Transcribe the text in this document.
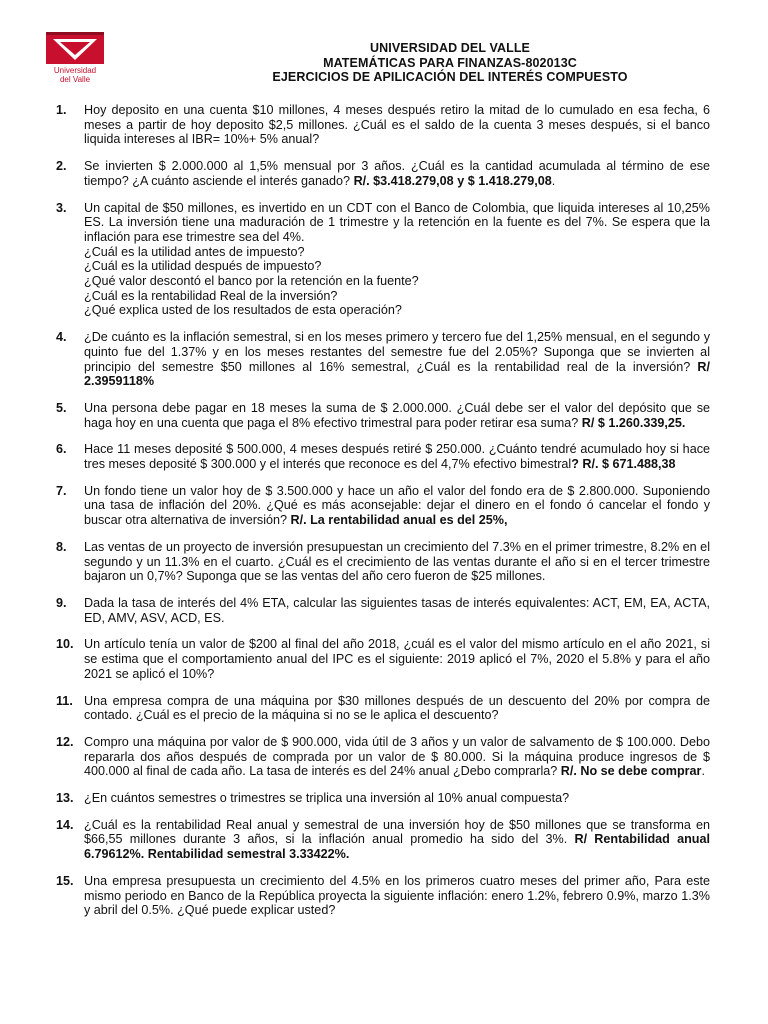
Universidad
del Valle
UNIVERSIDAD DEL VALLE
MATEMÁTICAS PARA FINANZAS-802013C
EJERCICIOS DE APILICACIÓN DEL INTERÉS COMPUESTO
1. Hoy deposito en una cuenta $10 millones, 4 meses después retiro la mitad de lo cumulado en esa fecha, 6 meses a partir de hoy deposito $2,5 millones. ¿Cuál es el saldo de la cuenta 3 meses después, si el banco liquida intereses al IBR= 10%+ 5% anual?

2. Se invierten $ 2.000.000 al 1,5% mensual por 3 años. ¿Cuál es la cantidad acumulada al término de ese tiempo? ¿A cuánto asciende el interés ganado? R/. $3.418.279,08 y $ 1.418.279,08.

3. Un capital de $50 millones, es invertido en un CDT con el Banco de Colombia, que liquida intereses al 10,25% ES. La inversión tiene una maduración de 1 trimestre y la retención en la fuente es del 7%. Se espera que la inflación para ese trimestre sea del 4%.

¿Cuál es la utilidad antes de impuesto?

¿Cuál es la utilidad después de impuesto?

¿Qué valor descontó el banco por la retención en la fuente?

¿Cuál es la rentabilidad Real de la inversión?

¿Qué explica usted de los resultados de esta operación?

4. ¿De cuánto es la inflación semestral, si en los meses primero y tercero fue del 1,25% mensual, en el segundo y quinto fue del 1.37% y en los meses restantes del semestre fue del 2.05%? Suponga que se invierten al principio del semestre $50 millones al 16% semestral, ¿Cuál es la rentabilidad real de la inversión? R/ 2.3959118%

5. Una persona debe pagar en 18 meses la suma de $ 2.000.000. ¿Cuál debe ser el valor del depósito que se haga hoy en una cuenta que paga el 8% efectivo trimestral para poder retirar esa suma? R/ $ 1.260.339,25.

6. Hace 11 meses deposité $ 500.000, 4 meses después retiré $ 250.000. ¿Cuánto tendré acumulado hoy si hace tres meses deposité $ 300.000 y el interés que reconoce es del 4,7% efectivo bimestral? R/. $ 671.488,38

7. Un fondo tiene un valor hoy de $ 3.500.000 y hace un año el valor del fondo era de $ 2.800.000. Suponiendo una tasa de inflación del 20%. ¿Qué es más aconsejable: dejar el dinero en el fondo ó cancelar el fondo y buscar otra alternativa de inversión? R/. La rentabilidad anual es del 25%,

8. Las ventas de un proyecto de inversión presupuestan un crecimiento del 7.3% en el primer trimestre, 8.2% en el segundo y un 11.3% en el cuarto. ¿Cuál es el crecimiento de las ventas durante el año si en el tercer trimestre bajaron un 0,7%? Suponga que se las ventas del año cero fueron de $25 millones.

9. Dada la tasa de interés del 4% ETA, calcular las siguientes tasas de interés equivalentes: ACT, EM, EA, ACTA, ED, AMV, ASV, ACD, ES.

10. Un artículo tenía un valor de $200 al final del año 2018, ¿cuál es el valor del mismo artículo en el año 2021, si se estima que el comportamiento anual del IPC es el siguiente: 2019 aplicó el 7%, 2020 el 5.8% y para el año 2021 se aplicó el 10%?

11. Una empresa compra de una máquina por $30 millones después de un descuento del 20% por compra de contado. ¿Cuál es el precio de la máquina si no se le aplica el descuento?

12. Compro una máquina por valor de $ 900.000, vida útil de 3 años y un valor de salvamento de $ 100.000. Debo repararla dos años después de comprada por un valor de $ 80.000. Si la máquina produce ingresos de $ 400.000 al final de cada año. La tasa de interés es del 24% anual ¿Debo comprarla? R/. No se debe comprar.

13. ¿En cuántos semestres o trimestres se triplica una inversión al 10% anual compuesta?

14. ¿Cuál es la rentabilidad Real anual y semestral de una inversión hoy de $50 millones que se transforma en $66,55 millones durante 3 años, si la inflación anual promedio ha sido del 3%. R/ Rentabilidad anual 6.79612%. Rentabilidad semestral 3.33422%.

15. Una empresa presupuesta un crecimiento del 4.5% en los primeros cuatro meses del primer año, Para este mismo periodo en Banco de la República proyecta la siguiente inflación: enero 1.2%, febrero 0.9%, marzo 1.3% y abril del 0.5%. ¿Qué puede explicar usted?
